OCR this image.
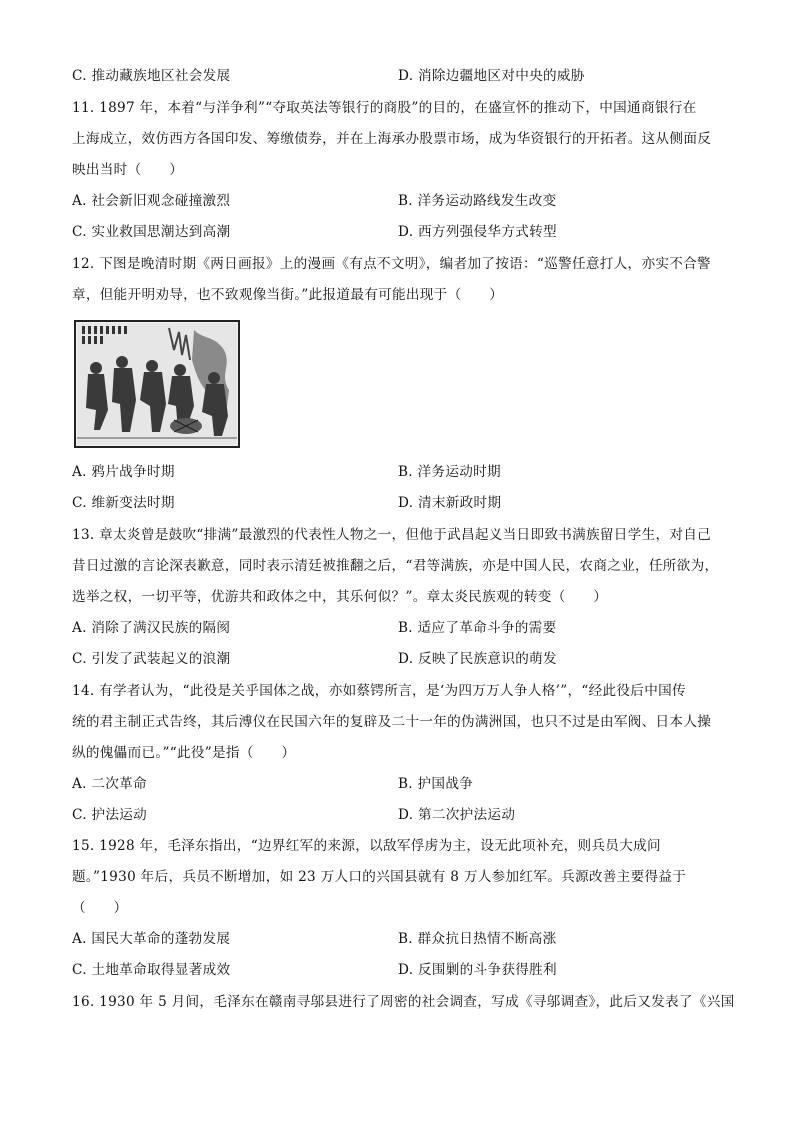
C. 推动藏族地区社会发展	D. 消除边疆地区对中央的威胁
11. 1897 年，本着“与洋争利”“夺取英法等银行的商股”的目的，在盛宣怀的推动下，中国通商银行在
上海成立，效仿西方各国印发、筹缴债券，并在上海承办股票市场，成为华资银行的开拓者。这从侧面反
映出当时（　　）
A. 社会新旧观念碰撞激烈	B. 洋务运动路线发生改变
C. 实业救国思潮达到高潮	D. 西方列强侵华方式转型
12. 下图是晚清时期《两日画报》上的漫画《有点不文明》，编者加了按语：“巡警任意打人，亦实不合警
章，但能开明劝导，也不致观像当街。”此报道最有可能出现于（　　）
A. 鸦片战争时期	B. 洋务运动时期
C. 维新变法时期	D. 清末新政时期
13. 章太炎曾是鼓吹“排满”最激烈的代表性人物之一，但他于武昌起义当日即致书满族留日学生，对自己
昔日过激的言论深表歉意，同时表示清廷被推翻之后，“君等满族，亦是中国人民，农商之业，任所欲为，
选举之权，一切平等，优游共和政体之中，其乐何似？”。章太炎民族观的转变（　　）
A. 消除了满汉民族的隔阂	B. 适应了革命斗争的需要
C. 引发了武装起义的浪潮	D. 反映了民族意识的萌发
14. 有学者认为，“此役是关乎国体之战，亦如蔡锷所言，是‘为四万万人争人格’”，“经此役后中国传
统的君主制正式告终，其后溥仪在民国六年的复辟及二十一年的伪满洲国，也只不过是由军阀、日本人操
纵的傀儡而已。”“此役”是指（　　）
A. 二次革命	B. 护国战争
C. 护法运动	D. 第二次护法运动
15. 1928 年，毛泽东指出，“边界红军的来源，以敌军俘虏为主，设无此项补充，则兵员大成问
题。”1930 年后，兵员不断增加，如 23 万人口的兴国县就有 8 万人参加红军。兵源改善主要得益于
（　　）
A. 国民大革命的蓬勃发展	B. 群众抗日热情不断高涨
C. 土地革命取得显著成效	D. 反围剿的斗争获得胜利
16. 1930 年 5 月间，毛泽东在赣南寻邬县进行了周密的社会调查，写成《寻邬调查》，此后又发表了《兴国
